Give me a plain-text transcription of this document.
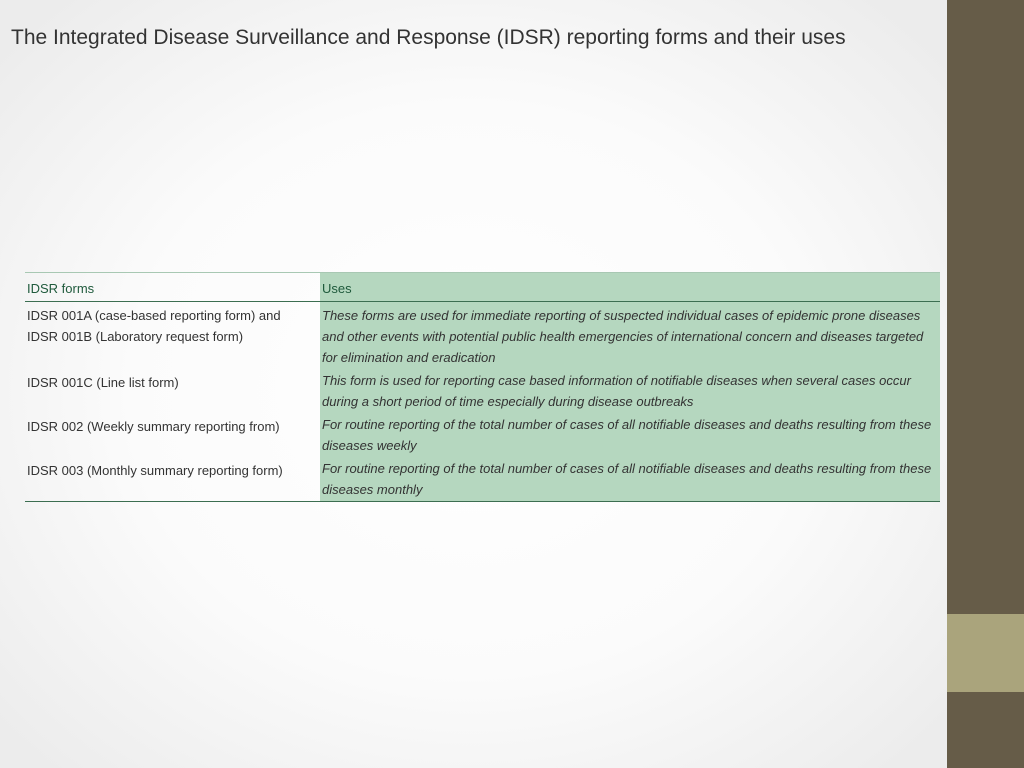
The Integrated Disease Surveillance and Response (IDSR) reporting forms and their uses
IDSR forms	Uses

IDSR 001A (case-based reporting form) and
IDSR 001B (Laboratory request form)	These forms are used for immediate reporting of suspected individual cases of epidemic prone diseases and other events with potential public health emergencies of international concern and diseases targeted for elimination and eradication

IDSR 001C (Line list form)	This form is used for reporting case based information of notifiable diseases when several cases occur during a short period of time especially during disease outbreaks

IDSR 002 (Weekly summary reporting from)	For routine reporting of the total number of cases of all notifiable diseases and deaths resulting from these diseases weekly

IDSR 003 (Monthly summary reporting form)	For routine reporting of the total number of cases of all notifiable diseases and deaths resulting from these diseases monthly
